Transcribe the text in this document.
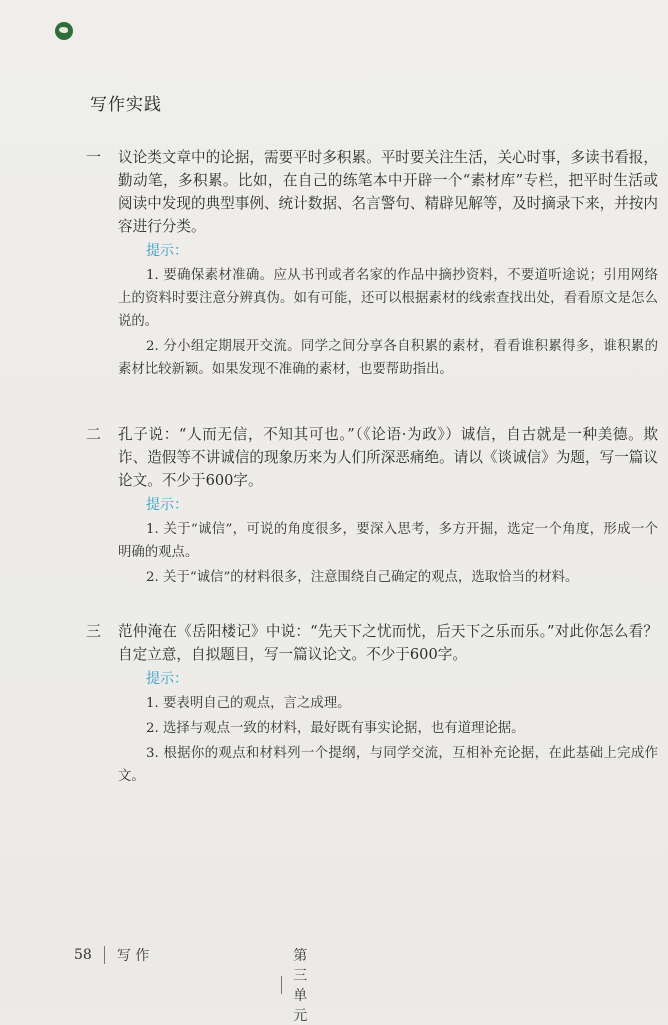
写作实践
一 议论类文章中的论据，需要平时多积累。平时要关注生活，关心时事，多读书看报，勤动笔，多积累。比如，在自己的练笔本中开辟一个“素材库”专栏，把平时生活或阅读中发现的典型事例、统计数据、名言警句、精辟见解等，及时摘录下来，并按内容进行分类。
提示：
1. 要确保素材准确。应从书刊或者名家的作品中摘抄资料，不要道听途说；引用网络上的资料时要注意分辨真伪。如有可能，还可以根据素材的线索查找出处，看看原文是怎么说的。
2. 分小组定期展开交流。同学之间分享各自积累的素材，看看谁积累得多，谁积累的素材比较新颖。如果发现不准确的素材，也要帮助指出。
二 孔子说：“人而无信，不知其可也。”（《论语·为政》）诚信，自古就是一种美德。欺诈、造假等不讲诚信的现象历来为人们所深恶痛绝。请以《谈诚信》为题，写一篇议论文。不少于600字。
提示：
1. 关于“诚信”，可说的角度很多，要深入思考，多方开掘，选定一个角度，形成一个明确的观点。
2. 关于“诚信”的材料很多，注意围绕自己确定的观点，选取恰当的材料。
三 范仲淹在《岳阳楼记》中说：“先天下之忧而忧，后天下之乐而乐。”对此你怎么看？自定立意，自拟题目，写一篇议论文。不少于600字。
提示：
1. 要表明自己的观点，言之成理。
2. 选择与观点一致的材料，最好既有事实论据，也有道理论据。
3. 根据你的观点和材料列一个提纲，与同学交流，互相补充论据，在此基础上完成作文。
58 写 作	第三单元
